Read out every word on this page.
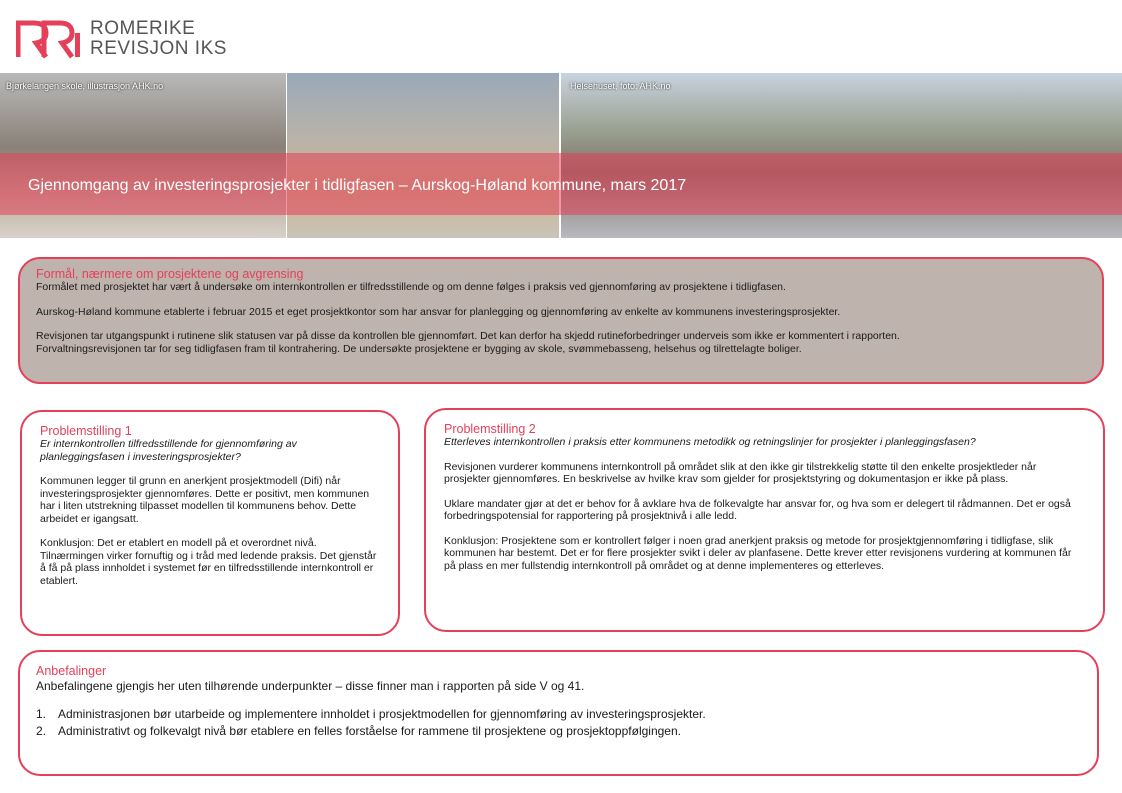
ROMERIKE
REVISJON IKS
Bjørkelangen skole, illustrasjon AHK.no	Helsehuset, foto: AHK.no
Gjennomgang av investeringsprosjekter i tidligfasen – Aurskog-Høland kommune, mars 2017
Formål, nærmere om prosjektene og avgrensing

Formålet med prosjektet har vært å undersøke om internkontrollen er tilfredsstillende og om denne følges i praksis ved gjennomføring av prosjektene i tidligfasen.

Aurskog-Høland kommune etablerte i februar 2015 et eget prosjektkontor som har ansvar for planlegging og gjennomføring av enkelte av kommunens investeringsprosjekter.

Revisjonen tar utgangspunkt i rutinene slik statusen var på disse da kontrollen ble gjennomført. Det kan derfor ha skjedd rutineforbedringer underveis som ikke er kommentert i rapporten.

Forvaltningsrevisjonen tar for seg tidligfasen fram til kontrahering. De undersøkte prosjektene er bygging av skole, svømmebasseng, helsehus og tilrettelagte boliger.

Problemstilling 1

Er internkontrollen tilfredsstillende for gjennomføring av planleggingsfasen i investeringsprosjekter?

Kommunen legger til grunn en anerkjent prosjektmodell (Difi) når investeringsprosjekter gjennomføres. Dette er positivt, men kommunen har i liten utstrekning tilpasset modellen til kommunens behov. Dette arbeidet er igangsatt.

Konklusjon: Det er etablert en modell på et overordnet nivå. Tilnærmingen virker fornuftig og i tråd med ledende praksis. Det gjenstår å få på plass innholdet i systemet før en tilfredsstillende internkontroll er etablert.

Problemstilling 2

Etterleves internkontrollen i praksis etter kommunens metodikk og retningslinjer for prosjekter i planleggingsfasen?

Revisjonen vurderer kommunens internkontroll på området slik at den ikke gir tilstrekkelig støtte til den enkelte prosjektleder når prosjekter gjennomføres. En beskrivelse av hvilke krav som gjelder for prosjektstyring og dokumentasjon er ikke på plass.

Uklare mandater gjør at det er behov for å avklare hva de folkevalgte har ansvar for, og hva som er delegert til rådmannen. Det er også forbedringspotensial for rapportering på prosjektnivå i alle ledd.

Konklusjon: Prosjektene som er kontrollert følger i noen grad anerkjent praksis og metode for prosjektgjennomføring i tidligfase, slik kommunen har bestemt. Det er for flere prosjekter svikt i deler av planfasene. Dette krever etter revisjonens vurdering at kommunen får på plass en mer fullstendig internkontroll på området og at denne implementeres og etterleves.

Anbefalinger

Anbefalingene gjengis her uten tilhørende underpunkter – disse finner man i rapporten på side V og 41.

1. Administrasjonen bør utarbeide og implementere innholdet i prosjektmodellen for gjennomføring av investeringsprosjekter.
2. Administrativt og folkevalgt nivå bør etablere en felles forståelse for rammene til prosjektene og prosjektoppfølgingen.
